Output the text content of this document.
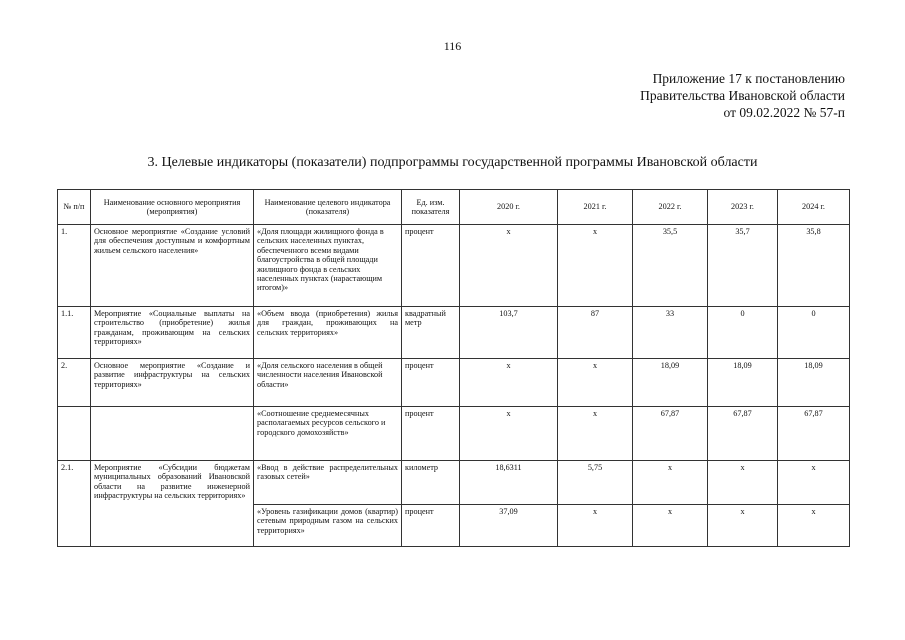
116
Приложение 17 к постановлению
Правительства Ивановской области
от 09.02.2022 № 57-п
3. Целевые индикаторы (показатели) подпрограммы государственной программы Ивановской области
№ п/п	Наименование основного мероприятия (мероприятия)	Наименование целевого индикатора (показателя)	Ед. изм. показателя	2020 г.	2021 г.	2022 г.	2023 г.	2024 г.
1.	Основное мероприятие «Создание условий для обеспечения доступным и комфортным жильем сельского населения»	«Доля площади жилищного фонда в сельских населенных пунктах, обеспеченного всеми видами благоустройства в общей площади жилищного фонда в сельских населенных пунктах (нарастающим итогом)»	процент	х	х	35,5	35,7	35,8
1.1.	Мероприятие «Социальные выплаты на строительство (приобретение) жилья гражданам, проживающим на сельских территориях»	«Объем ввода (приобретения) жилья для граждан, проживающих на сельских территориях»	квадратный метр	103,7	87	33	0	0
2.	Основное мероприятие «Создание и развитие инфраструктуры на сельских территориях»	«Доля сельского населения в общей численности населения Ивановской области»	процент	х	х	18,09	18,09	18,09
		«Соотношение среднемесячных располагаемых ресурсов сельского и городского домохозяйств»	процент	х	х	67,87	67,87	67,87
2.1.	Мероприятие «Субсидии бюджетам муниципальных образований Ивановской области на развитие инженерной инфраструктуры на сельских территориях»	«Ввод в действие распределительных газовых сетей»	километр	18,6311	5,75	х	х	х
		«Уровень газификации домов (квартир) сетевым природным газом на сельских территориях»	процент	37,09	х	х	х	х
